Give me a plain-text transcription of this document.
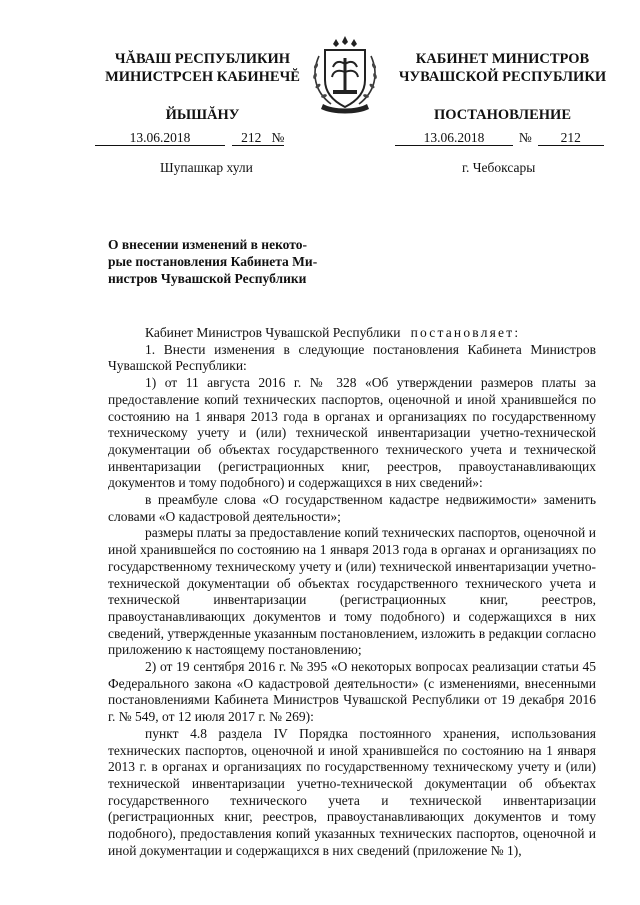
ЧĂВАШ РЕСПУБЛИКИН
МИНИСТРСЕН КАБИНЕЧĔ
ЙЫШĂНУ
КАБИНЕТ МИНИСТРОВ
ЧУВАШСКОЙ РЕСПУБЛИКИ
ПОСТАНОВЛЕНИЕ
13.06.2018	212 №	13.06.2018	№ 212
Шупашкар хули	г. Чебоксары
О внесении изменений в некото-
рые постановления Кабинета Ми-
нистров Чувашской Республики

Кабинет Министров Чувашской Республики постановляет:

1. Внести изменения в следующие постановления Кабинета Министров Чувашской Республики:

1) от 11 августа 2016 г. № 328 «Об утверждении размеров платы за предоставление копий технических паспортов, оценочной и иной хранившейся по состоянию на 1 января 2013 года в органах и организациях по государственному техническому учету и (или) технической инвентаризации учетно-технической документации об объектах государственного технического учета и технической инвентаризации (регистрационных книг, реестров, правоустанавливающих документов и тому подобного) и содержащихся в них сведений»:

в преамбуле слова «О государственном кадастре недвижимости» заменить словами «О кадастровой деятельности»;

размеры платы за предоставление копий технических паспортов, оценочной и иной хранившейся по состоянию на 1 января 2013 года в органах и организациях по государственному техническому учету и (или) технической инвентаризации учетно-технической документации об объектах государственного технического учета и технической инвентаризации (регистрационных книг, реестров, правоустанавливающих документов и тому подобного) и содержащихся в них сведений, утвержденные указанным постановлением, изложить в редакции согласно приложению к настоящему постановлению;

2) от 19 сентября 2016 г. № 395 «О некоторых вопросах реализации статьи 45 Федерального закона «О кадастровой деятельности» (с изменениями, внесенными постановлениями Кабинета Министров Чувашской Республики от 19 декабря 2016 г. № 549, от 12 июля 2017 г. № 269):

пункт 4.8 раздела IV Порядка постоянного хранения, использования технических паспортов, оценочной и иной хранившейся по состоянию на 1 января 2013 г. в органах и организациях по государственному техническому учету и (или) технической инвентаризации учетно-технической документации об объектах государственного технического учета и технической инвентаризации (регистрационных книг, реестров, правоустанавливающих документов и тому подобного), предоставления копий указанных технических паспортов, оценочной и иной документации и содержащихся в них сведений (приложение № 1),
